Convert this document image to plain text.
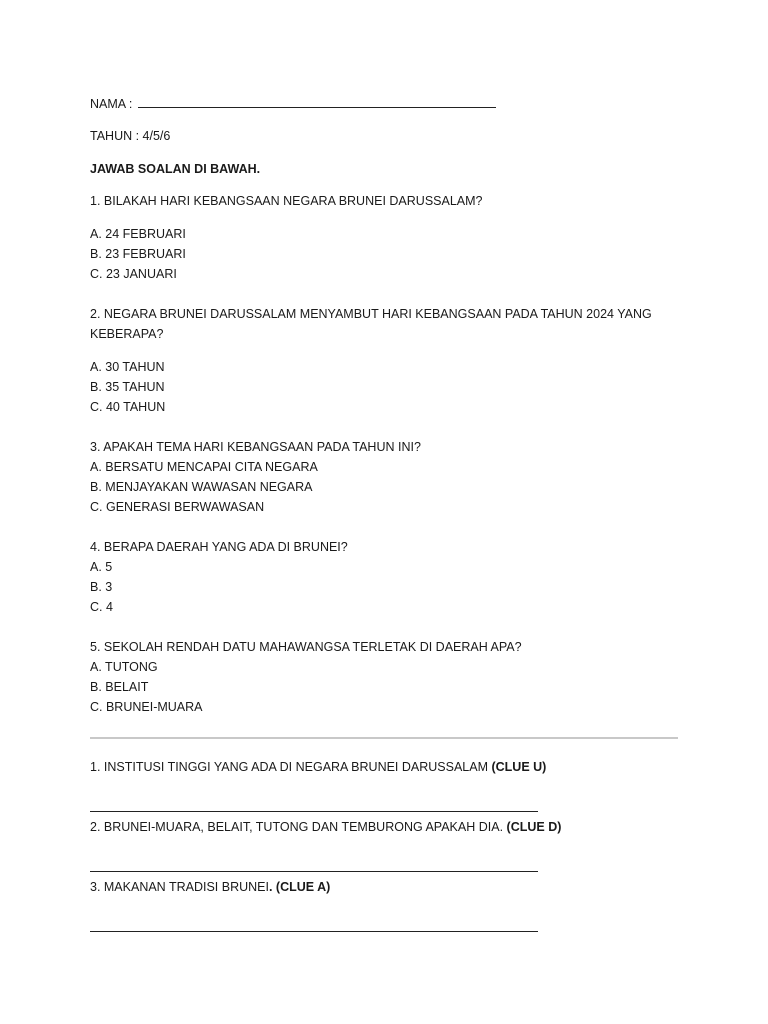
NAMA :
TAHUN : 4/5/6
JAWAB SOALAN DI BAWAH.
1. BILAKAH HARI KEBANGSAAN NEGARA BRUNEI DARUSSALAM?
A. 24 FEBRUARI
B. 23 FEBRUARI
C. 23 JANUARI
2. NEGARA BRUNEI DARUSSALAM MENYAMBUT HARI KEBANGSAAN PADA TAHUN 2024 YANG
KEBERAPA?
A. 30 TAHUN
B. 35 TAHUN
C. 40 TAHUN
3. APAKAH TEMA HARI KEBANGSAAN PADA TAHUN INI?
A. BERSATU MENCAPAI CITA NEGARA
B. MENJAYAKAN WAWASAN NEGARA
C. GENERASI BERWAWASAN
4. BERAPA DAERAH YANG ADA DI BRUNEI?
A. 5
B. 3
C. 4
5. SEKOLAH RENDAH DATU MAHAWANGSA TERLETAK DI DAERAH APA?
A. TUTONG
B. BELAIT
C. BRUNEI-MUARA
1. INSTITUSI TINGGI YANG ADA DI NEGARA BRUNEI DARUSSALAM (CLUE U)
2. BRUNEI-MUARA, BELAIT, TUTONG DAN TEMBURONG APAKAH DIA. (CLUE D)
3. MAKANAN TRADISI BRUNEI. (CLUE A)
